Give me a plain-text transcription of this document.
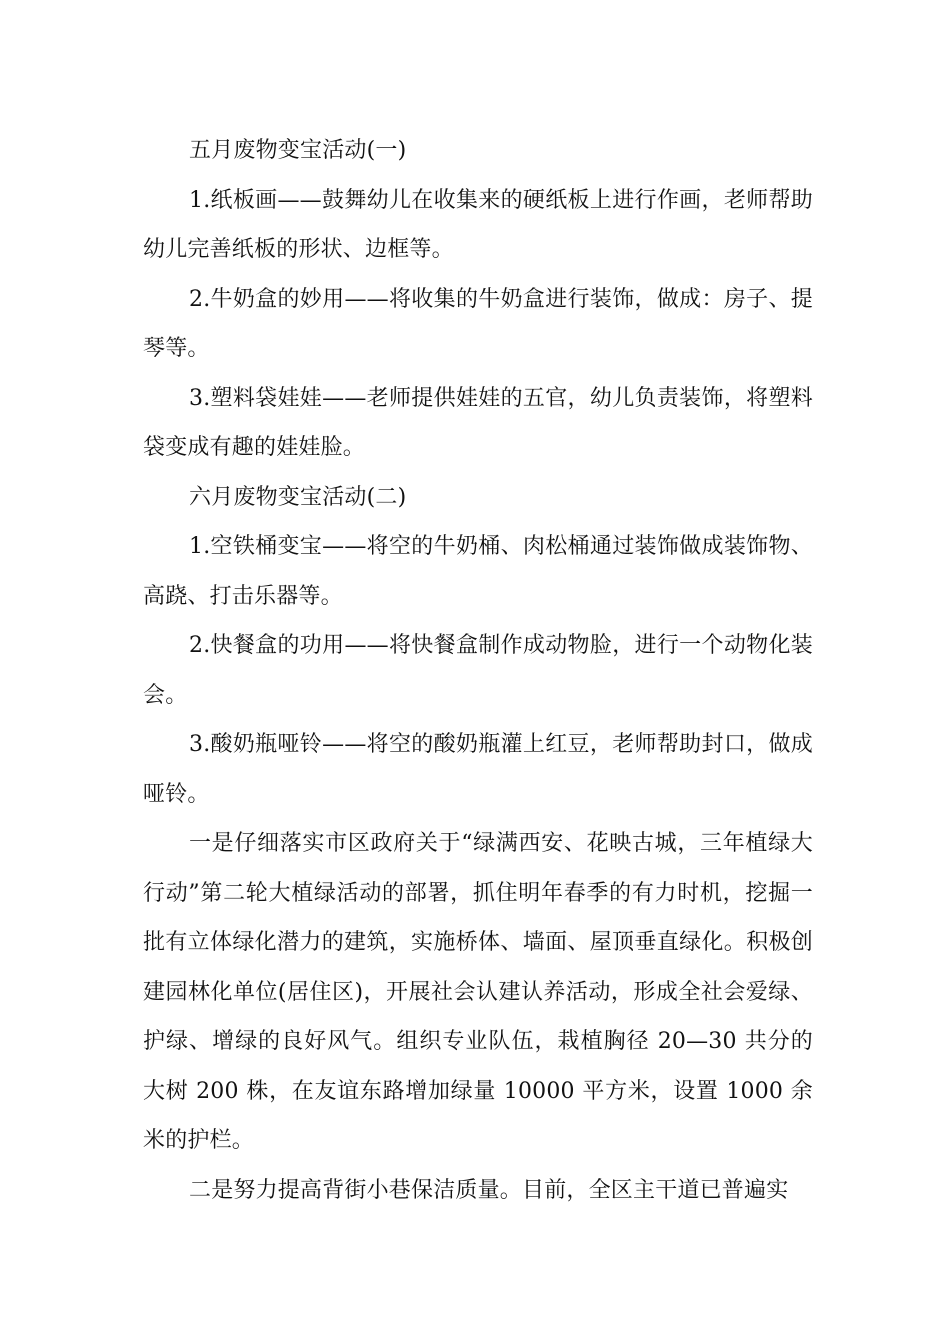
五月废物变宝活动(一)

1.纸板画——鼓舞幼儿在收集来的硬纸板上进行作画，老师帮助幼儿完善纸板的形状、边框等。

2.牛奶盒的妙用——将收集的牛奶盒进行装饰，做成：房子、提琴等。

3.塑料袋娃娃——老师提供娃娃的五官，幼儿负责装饰，将塑料袋变成有趣的娃娃脸。

六月废物变宝活动(二)

1.空铁桶变宝——将空的牛奶桶、肉松桶通过装饰做成装饰物、高跷、打击乐器等。

2.快餐盒的功用——将快餐盒制作成动物脸，进行一个动物化装会。

3.酸奶瓶哑铃——将空的酸奶瓶灌上红豆，老师帮助封口，做成哑铃。

一是仔细落实市区政府关于“绿满西安、花映古城，三年植绿大行动”第二轮大植绿活动的部署，抓住明年春季的有力时机，挖掘一批有立体绿化潜力的建筑，实施桥体、墙面、屋顶垂直绿化。积极创建园林化单位(居住区)，开展社会认建认养活动，形成全社会爱绿、护绿、增绿的良好风气。组织专业队伍，栽植胸径 20—30 共分的大树 200 株，在友谊东路增加绿量 10000 平方米，设置 1000 余米的护栏。

二是努力提高背街小巷保洁质量。目前，全区主干道已普遍实
